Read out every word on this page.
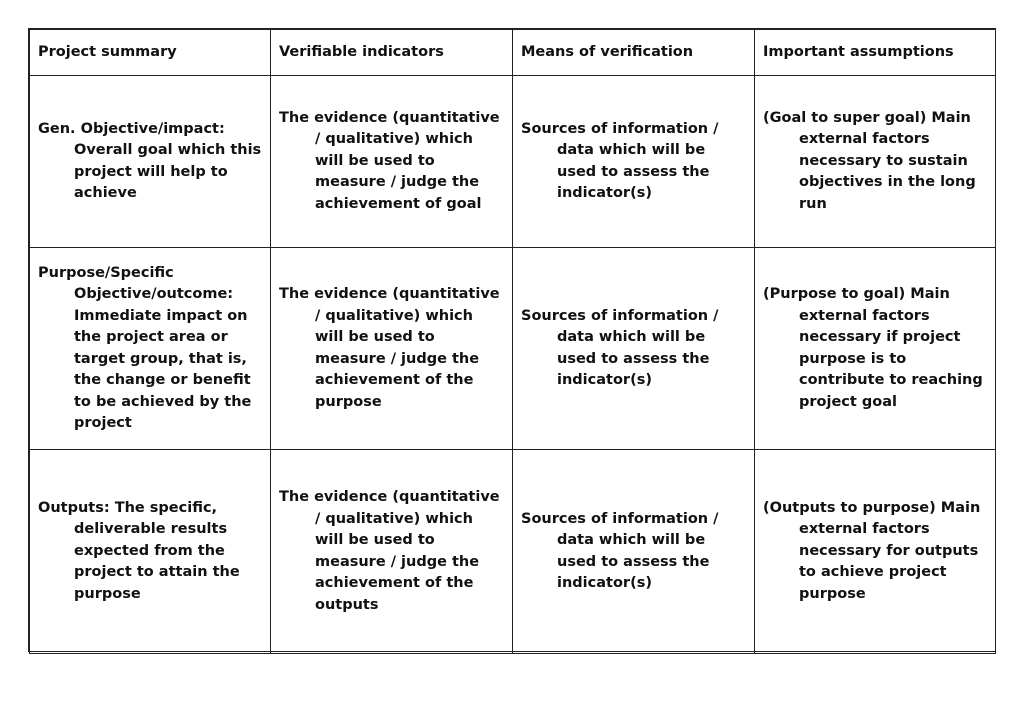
Project summary	Verifiable indicators	Means of verification	Important assumptions

Gen. Objective/impact: Overall goal which this project will help to achieve	The evidence (quantitative / qualitative) which will be used to measure / judge the achievement of goal	Sources of information / data which will be used to assess the indicator(s)	(Goal to super goal) Main external factors necessary to sustain objectives in the long run

Purpose/Specific Objective/outcome: Immediate impact on the project area or target group, that is, the change or benefit to be achieved by the project	The evidence (quantitative / qualitative) which will be used to measure / judge the achievement of the purpose	Sources of information / data which will be used to assess the indicator(s)	(Purpose to goal) Main external factors necessary if project purpose is to contribute to reaching project goal

Outputs: The specific, deliverable results expected from the project to attain the purpose	The evidence (quantitative / qualitative) which will be used to measure / judge the achievement of the outputs	Sources of information / data which will be used to assess the indicator(s)	(Outputs to purpose) Main external factors necessary for outputs to achieve project purpose
